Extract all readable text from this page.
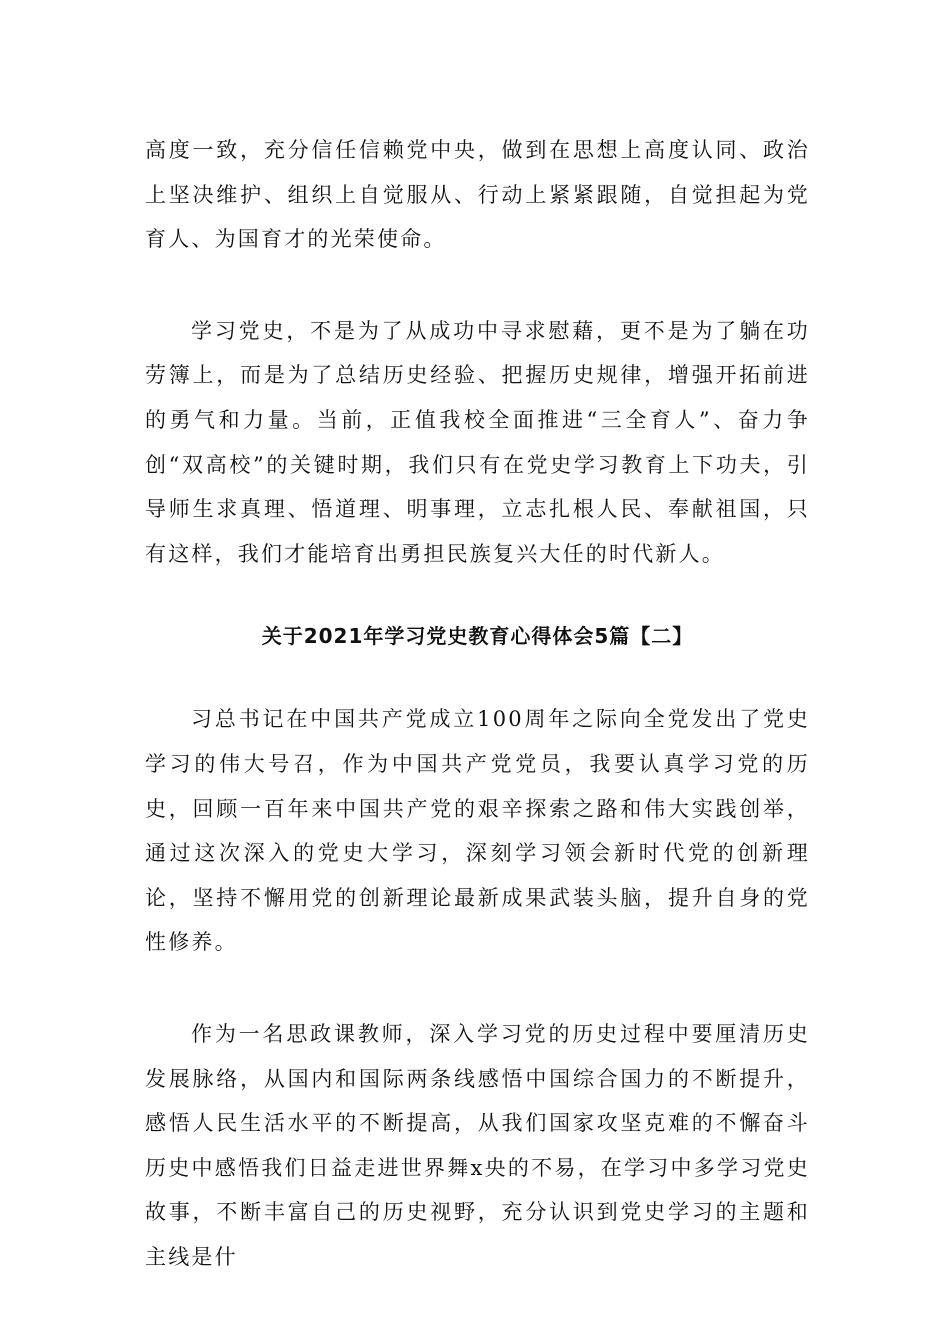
高度一致，充分信任信赖党中央，做到在思想上高度认同、政治上坚决维护、组织上自觉服从、行动上紧紧跟随，自觉担起为党育人、为国育才的光荣使命。

学习党史，不是为了从成功中寻求慰藉，更不是为了躺在功劳簿上，而是为了总结历史经验、把握历史规律，增强开拓前进的勇气和力量。当前，正值我校全面推进“三全育人”、奋力争创“双高校”的关键时期，我们只有在党史学习教育上下功夫，引导师生求真理、悟道理、明事理，立志扎根人民、奉献祖国，只有这样，我们才能培育出勇担民族复兴大任的时代新人。

关于2021年学习党史教育心得体会5篇【二】

习总书记在中国共产党成立100周年之际向全党发出了党史学习的伟大号召，作为中国共产党党员，我要认真学习党的历史，回顾一百年来中国共产党的艰辛探索之路和伟大实践创举，通过这次深入的党史大学习，深刻学习领会新时代党的创新理论，坚持不懈用党的创新理论最新成果武装头脑，提升自身的党性修养。

作为一名思政课教师，深入学习党的历史过程中要厘清历史发展脉络，从国内和国际两条线感悟中国综合国力的不断提升，感悟人民生活水平的不断提高，从我们国家攻坚克难的不懈奋斗历史中感悟我们日益走进世界舞x央的不易，在学习中多学习党史故事，不断丰富自己的历史视野，充分认识到党史学习的主题和主线是什
